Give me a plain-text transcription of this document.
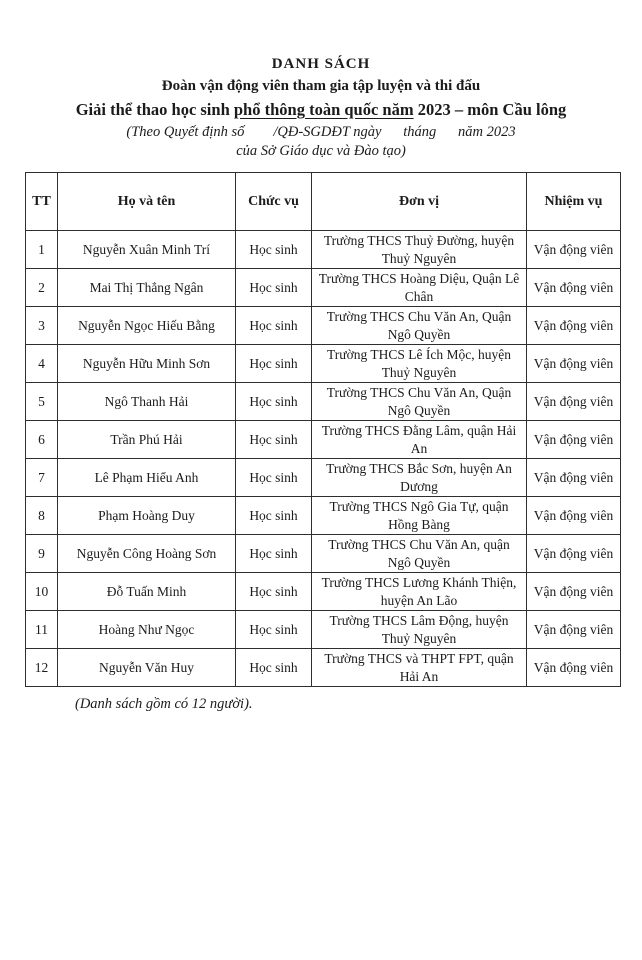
DANH SÁCH

Đoàn vận động viên tham gia tập luyện và thi đấu

Giải thể thao học sinh phổ thông toàn quốc năm 2023 – môn Cầu lông

(Theo Quyết định số        /QĐ-SGDĐT ngày      tháng      năm 2023

của Sở Giáo dục và Đào tạo)

TT	Họ và tên	Chức vụ	Đơn vị	Nhiệm vụ
1	Nguyễn Xuân Minh Trí	Học sinh	Trường THCS Thuỷ Đường, huyện Thuỷ Nguyên	Vận động viên
2	Mai Thị Thẳng Ngân	Học sinh	Trường THCS Hoàng Diệu, Quận Lê Chân	Vận động viên
3	Nguyễn Ngọc Hiếu Bằng	Học sinh	Trường THCS Chu Văn An, Quận Ngô Quyền	Vận động viên
4	Nguyễn Hữu Minh Sơn	Học sinh	Trường THCS Lê Ích Mộc, huyện Thuỷ Nguyên	Vận động viên
5	Ngô Thanh Hải	Học sinh	Trường THCS Chu Văn An, Quận Ngô Quyền	Vận động viên
6	Trần Phú Hải	Học sinh	Trường THCS Đằng Lâm, quận Hải An	Vận động viên
7	Lê Phạm Hiểu Anh	Học sinh	Trường THCS Bắc Sơn, huyện An Dương	Vận động viên
8	Phạm Hoàng Duy	Học sinh	Trường THCS Ngô Gia Tự, quận Hồng Bàng	Vận động viên
9	Nguyễn Công Hoàng Sơn	Học sinh	Trường THCS Chu Văn An, quận Ngô Quyền	Vận động viên
10	Đỗ Tuấn Minh	Học sinh	Trường THCS Lương Khánh Thiện, huyện An Lão	Vận động viên
11	Hoàng Như Ngọc	Học sinh	Trường THCS Lâm Động, huyện Thuỷ Nguyên	Vận động viên
12	Nguyễn Văn Huy	Học sinh	Trường THCS và THPT FPT, quận Hải An	Vận động viên

(Danh sách gồm có 12 người).
